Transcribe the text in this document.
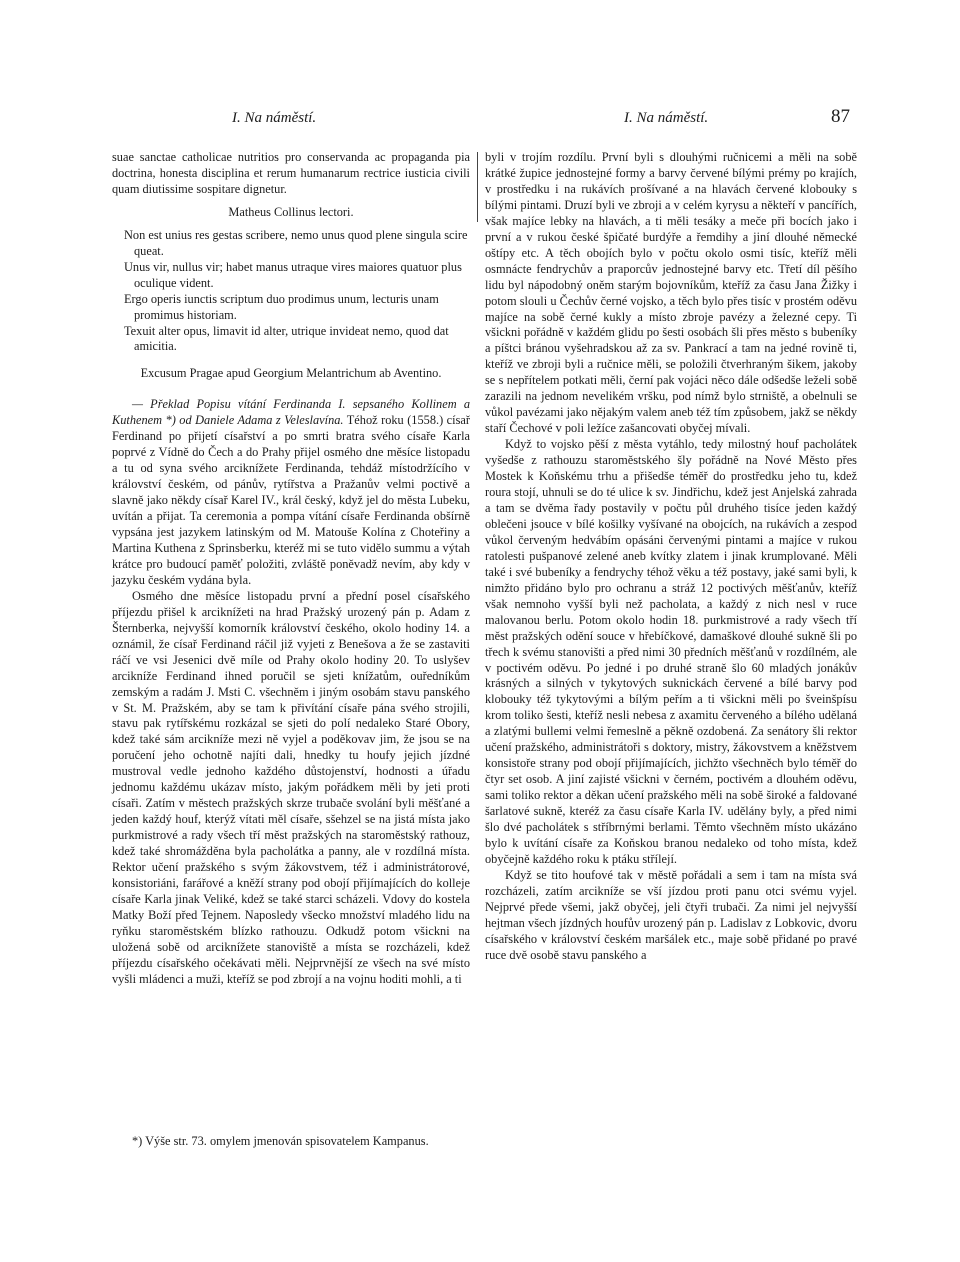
I. Na náměstí.	I. Na náměstí.	87

suae sanctae catholicae nutritios pro conservanda ac propaganda pia doctrina, honesta disciplina et rerum humanarum rectrice iusticia civili quam diutissime sospitare dignetur.

Matheus Collinus lectori.

Non est unius res gestas scribere, nemo unus quod plene singula scire queat.

Unus vir, nullus vir; habet manus utraque vires maiores quatuor plus oculique vident.

Ergo operis iunctis scriptum duo prodimus unum, lecturis unam promimus historiam.

Texuit alter opus, limavit id alter, utrique invideat nemo, quod dat amicitia.

Excusum Pragae apud Georgium Melantrichum ab Aventino.

— Překlad Popisu vítání Ferdinanda I. sepsaného Kollinem a Kuthenem *) od Daniele Adama z Veleslavína. Téhož roku (1558.) císař Ferdinand po přijetí císařství a po smrti bratra svého císaře Karla poprvé z Vídně do Čech a do Prahy přijel osmého dne měsíce listopadu a tu od syna svého arciknížete Ferdinanda, tehdáž místodržícího v království českém, od pánův, rytířstva a Pražanův velmi poctivě a slavně jako někdy císař Karel IV., král český, když jel do města Lubeku, uvítán a přijat. Ta ceremonia a pompa vítání císaře Ferdinanda obšírně vypsána jest jazykem latinským od M. Matouše Kolína z Choteřiny a Martina Kuthena z Sprinsberku, kteréž mi se tuto vidělo summu a výtah krátce pro budoucí paměť položiti, zvláště poněvadž nevím, aby kdy v jazyku českém vydána byla.

Osmého dne měsíce listopadu první a přední posel císařského příjezdu přišel k arciknížeti na hrad Pražský urozený pán p. Adam z Šternberka, nejvyšší komorník království českého, okolo hodiny 14. a oznámil, že císař Ferdinand ráčil již vyjeti z Benešova a že se zastaviti ráčí ve vsi Jesenici dvě míle od Prahy okolo hodiny 20. To uslyšev arcikníže Ferdinand ihned poručil se sjeti knížatům, ouředníkům zemským a radám J. Msti C. všechněm i jiným osobám stavu panského v St. M. Pražském, aby se tam k přivítání císaře pána svého strojili, stavu pak rytířskému rozkázal se sjeti do polí nedaleko Staré Obory, kdež také sám arcikníže mezi ně vyjel a poděkovav jim, že jsou se na poručení jeho ochotně najíti dali, hnedky tu houfy jejich jízdné mustroval vedle jednoho každého důstojenství, hodnosti a úřadu jednomu každému ukázav místo, jakým pořádkem měli by jeti proti císaři. Zatím v městech pražských skrze trubače svolání byli měšťané a jeden každý houf, kterýž vítati měl císaře, sšehzel se na jistá místa jako purkmistrové a rady všech tří měst pražských na staroměstský rathouz, kdež také shromážděna byla pacholátka a panny, ale v rozdílná místa. Rektor učení pražského s svým žákovstvem, též i administrátorové, konsistoriáni, farářové a kněží strany pod obojí přijímajících do kolleje císaře Karla jinak Veliké, kdež se také starci scházeli. Vdovy do kostela Matky Boží před Tejnem. Naposledy všecko množství mladého lidu na ryňku staroměstském blízko rathouzu. Odkudž potom všickni na uložená sobě od arciknížete stanoviště a místa se rozcházeli, kdež příjezdu císařského očekávati měli. Nejprvnější ze všech na své místo vyšli mládenci a muži, kteříž se pod zbrojí a na vojnu hoditi mohli, a ti

byli v trojím rozdílu. První byli s dlouhými ručnicemi a měli na sobě krátké župice jednostejné formy a barvy červené bílými prémy po krajích, v prostředku i na rukávích prošívané a na hlavách červené klobouky s bílými pintami. Druzí byli ve zbroji a v celém kyrysu a někteří v pancířích, však majíce lebky na hlavách, a ti měli tesáky a meče při bocích jako i první a v rukou české špičaté burdýře a řemdihy a jiní dlouhé německé oštípy etc. A těch obojích bylo v počtu okolo osmi tisíc, kteříž měli osmnácte fendrychův a praporcův jednostejné barvy etc. Třetí díl pěšího lidu byl nápodobný oněm starým bojovníkům, kteříž za času Jana Žižky i potom slouli u Čechův černé vojsko, a těch bylo přes tisíc v prostém oděvu majíce na sobě černé kukly a místo zbroje pavézy a železné cepy. Ti všickni pořádně v každém glidu po šesti osobách šli přes město s bubeníky a píštci bránou vyšehradskou až za sv. Pankrací a tam na jedné rovině ti, kteříž ve zbroji byli a ručnice měli, se položili čtverhraným šikem, jakoby se s nepřítelem potkati měli, černí pak vojáci něco dále odšedše leželi sobě zarazili na jednom nevelikém vršku, pod nímž bylo strniště, a obelnuli se vůkol pavézami jako nějakým valem aneb též tím způsobem, jakž se někdy staří Čechové v poli ležíce zašancovati obyčej mívali.

Když to vojsko pěší z města vytáhlo, tedy milostný houf pacholátek vyšedše z rathouzu staroměstského šly pořádně na Nové Město přes Mostek k Koňskému trhu a přišedše téměř do prostředku jeho tu, kdež roura stojí, uhnuli se do té ulice k sv. Jindřichu, kdež jest Anjelská zahrada a tam se dvěma řady postavily v počtu půl druhého tisíce jeden každý oblečeni jsouce v bílé košilky vyšívané na obojcích, na rukávích a zespod vůkol červeným hedvábím opásáni červenými pintami a majíce v rukou ratolesti pušpanové zelené aneb kvítky zlatem i jinak krumplované. Měli také i své bubeníky a fendrychy téhož věku a též postavy, jaké sami byli, k nimžto přidáno bylo pro ochranu a stráž 12 poctivých měšťanův, kteříž však nemnoho vyšší byli než pacholata, a každý z nich nesl v ruce malovanou berlu. Potom okolo hodin 18. purkmistrové a rady všech tří měst pražských odění souce v hřebíčkové, damaškové dlouhé sukně šli po třech k svému stanovišti a před nimi 30 předních měšťanů v rozdílném, ale v poctivém oděvu. Po jedné i po druhé straně šlo 60 mladých jonákův krásných a silných v tykytových suknickách červené a bílé barvy pod klobouky též tykytovými a bílým peřím a ti všickni měli po šveinšpísu krom toliko šesti, kteříž nesli nebesa z axamitu červeného a bílého udělaná a zlatými bullemi velmi řemeslně a pěkně ozdobená. Za senátory šli rektor učení pražského, administrátoři s doktory, mistry, žákovstvem a kněžstvem konsistoře strany pod obojí přijímajících, jichžto všechněch bylo téměř do čtyr set osob. A jiní zajisté všickni v černém, poctivém a dlouhém oděvu, sami toliko rektor a děkan učení pražského měli na sobě široké a faldované šarlatové sukně, kteréž za času císaře Karla IV. udělány byly, a před nimi šlo dvé pacholátek s stříbrnými berlami. Těmto všechněm místo ukázáno bylo k uvítání císaře za Koňskou branou nedaleko od toho místa, kdež obyčejně každého roku k ptáku střílejí.

Když se tito houfové tak v městě pořádali a sem i tam na místa svá rozcházeli, zatím arcikníže se vší jízdou proti panu otci svému vyjel. Nejprvé přede všemi, jakž obyčej, jeli čtyři trubači. Za nimi jel nejvyšší hejtman všech jízdných houfův urozený pán p. Ladislav z Lobkovic, dvoru císařského v království českém maršálek etc., maje sobě přidané po pravé ruce dvě osobě stavu panského a

*) Výše str. 73. omylem jmenován spisovatelem Kampanus.
